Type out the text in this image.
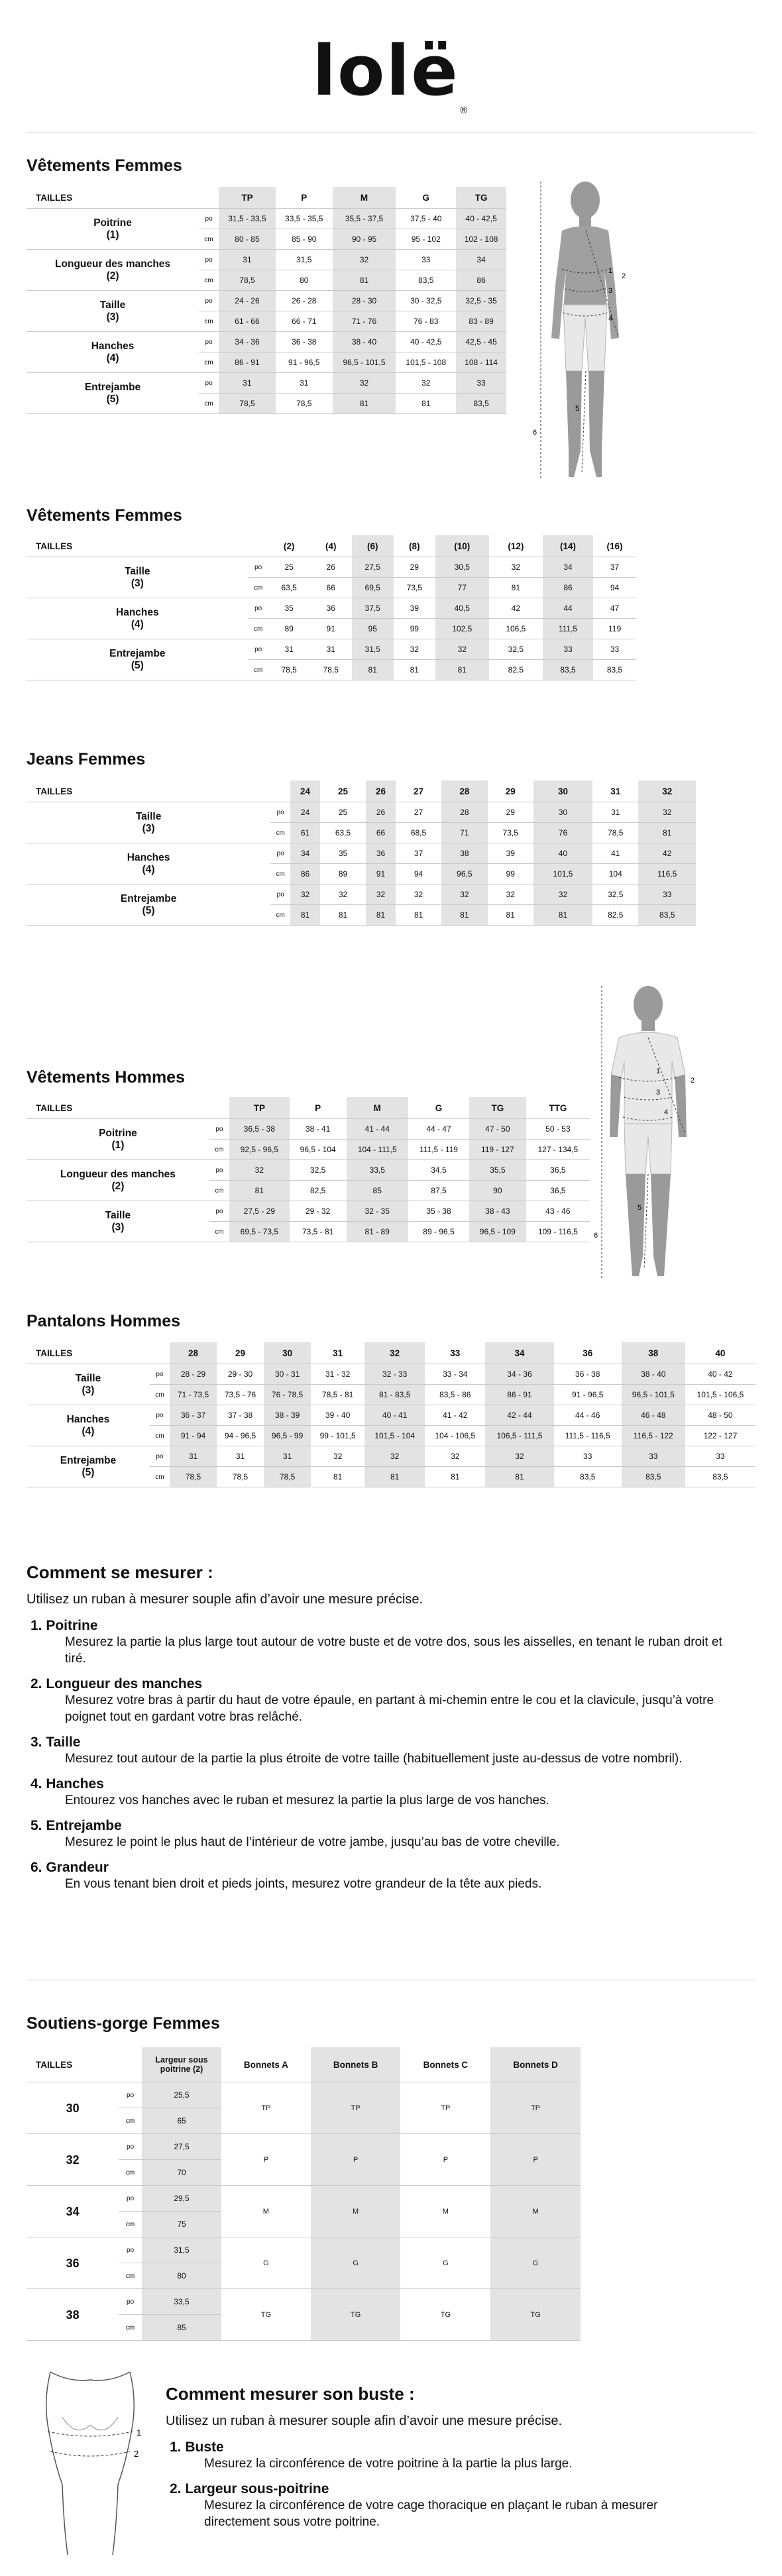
lolë®
Vêtements Femmes
TAILLES		TP	P	M	G	TG
Poitrine
(1)	po	31,5 - 33,5	33,5 - 35,5	35,5 - 37,5	37,5 - 40	40 - 42,5
	cm	80 - 85	85 - 90	90 - 95	95 - 102	102 - 108
Longueur des manches
(2)	po	31	31,5	32	33	34
	cm	78,5	80	81	83,5	86
Taille
(3)	po	24 - 26	26 - 28	28 - 30	30 - 32,5	32,5 - 35
	cm	61 - 66	66 - 71	71 - 76	76 - 83	83 - 89
Hanches
(4)	po	34 - 36	36 - 38	38 - 40	40 - 42,5	42,5 - 45
	cm	86 - 91	91 - 96,5	96,5 - 101,5	101,5 - 108	108 - 114
Entrejambe
(5)	po	31	31	32	32	33
	cm	78,5	78,5	81	81	83,5
1
2
3
4
5
6
Vêtements Femmes
TAILLES		(2)	(4)	(6)	(8)	(10)	(12)	(14)	(16)
Taille
(3)	po	25	26	27,5	29	30,5	32	34	37
	cm	63,5	66	69,5	73,5	77	81	86	94
Hanches
(4)	po	35	36	37,5	39	40,5	42	44	47
	cm	89	91	95	99	102,5	106,5	111,5	119
Entrejambe
(5)	po	31	31	31,5	32	32	32,5	33	33
	cm	78,5	78,5	81	81	81	82,5	83,5	83,5
Jeans Femmes
TAILLES		24	25	26	27	28	29	30	31	32
Taille
(3)	po	24	25	26	27	28	29	30	31	32
	cm	61	63,5	66	68,5	71	73,5	76	78,5	81
Hanches
(4)	po	34	35	36	37	38	39	40	41	42
	cm	86	89	91	94	96,5	99	101,5	104	116,5
Entrejambe
(5)	po	32	32	32	32	32	32	32	32,5	33
	cm	81	81	81	81	81	81	81	82,5	83,5
1
2
3
4
5
6
Vêtements Hommes
TAILLES		TP	P	M	G	TG	TTG
Poitrine
(1)	po	36,5 - 38	38 - 41	41 - 44	44 - 47	47 - 50	50 - 53
	cm	92,5 - 96,5	96,5 - 104	104 - 111,5	111,5 - 119	119 - 127	127 - 134,5
Longueur des manches
(2)	po	32	32,5	33,5	34,5	35,5	36,5
	cm	81	82,5	85	87,5	90	36,5
Taille
(3)	po	27,5 - 29	29 - 32	32 - 35	35 - 38	38 - 43	43 - 46
	cm	69,5 - 73,5	73,5 - 81	81 - 89	89 - 96,5	96,5 - 109	109 - 116,5
Pantalons Hommes
TAILLES		28	29	30	31	32	33	34	36	38	40
Taille
(3)	po	28 - 29	29 - 30	30 - 31	31 - 32	32 - 33	33 - 34	34 - 36	36 - 38	38 - 40	40 - 42
	cm	71 - 73,5	73,5 - 76	76 - 78,5	78,5 - 81	81 - 83,5	83,5 - 86	86 - 91	91 - 96,5	96,5 - 101,5	101,5 - 106,5
Hanches
(4)	po	36 - 37	37 - 38	38 - 39	39 - 40	40 - 41	41 - 42	42 - 44	44 - 46	46 - 48	48 - 50
	cm	91 - 94	94 - 96,5	96,5 - 99	99 - 101,5	101,5 - 104	104 - 106,5	106,5 - 111,5	111,5 - 116,5	116,5 - 122	122 - 127
Entrejambe
(5)	po	31	31	31	32	32	32	32	33	33	33
	cm	78,5	78,5	78,5	81	81	81	81	83,5	83,5	83,5
Comment se mesurer :
Utilisez un ruban à mesurer souple afin d’avoir une mesure précise.
1. Poitrine
Mesurez la partie la plus large tout autour de votre buste et de votre dos, sous les aisselles, en tenant le ruban droit et tiré.
2. Longueur des manches
Mesurez votre bras à partir du haut de votre épaule, en partant à mi-chemin entre le cou et la clavicule, jusqu’à votre poignet tout en gardant votre bras relâché.
3. Taille
Mesurez tout autour de la partie la plus étroite de votre taille (habituellement juste au-dessus de votre nombril).
4. Hanches
Entourez vos hanches avec le ruban et mesurez la partie la plus large de vos hanches.
5. Entrejambe
Mesurez le point le plus haut de l’intérieur de votre jambe, jusqu’au bas de votre cheville.
6. Grandeur
En vous tenant bien droit et pieds joints, mesurez votre grandeur de la tête aux pieds.
Soutiens-gorge Femmes
TAILLES		Largeur sous poitrine (2)	Bonnets A	Bonnets B	Bonnets C	Bonnets D
30	po	25,5	TP	TP	TP	TP
	cm	65				
32	po	27,5	P	P	P	P
	cm	70				
34	po	29,5	M	M	M	M
	cm	75				
36	po	31,5	G	G	G	G
	cm	80				
38	po	33,5	TG	TG	TG	TG
	cm	85				
1
2
Comment mesurer son buste :
Utilisez un ruban à mesurer souple afin d’avoir une mesure précise.
1. Buste
Mesurez la circonférence de votre poitrine à la partie la plus large.
2. Largeur sous-poitrine
Mesurez la circonférence de votre cage thoracique en plaçant le ruban à mesurer directement sous votre poitrine.
